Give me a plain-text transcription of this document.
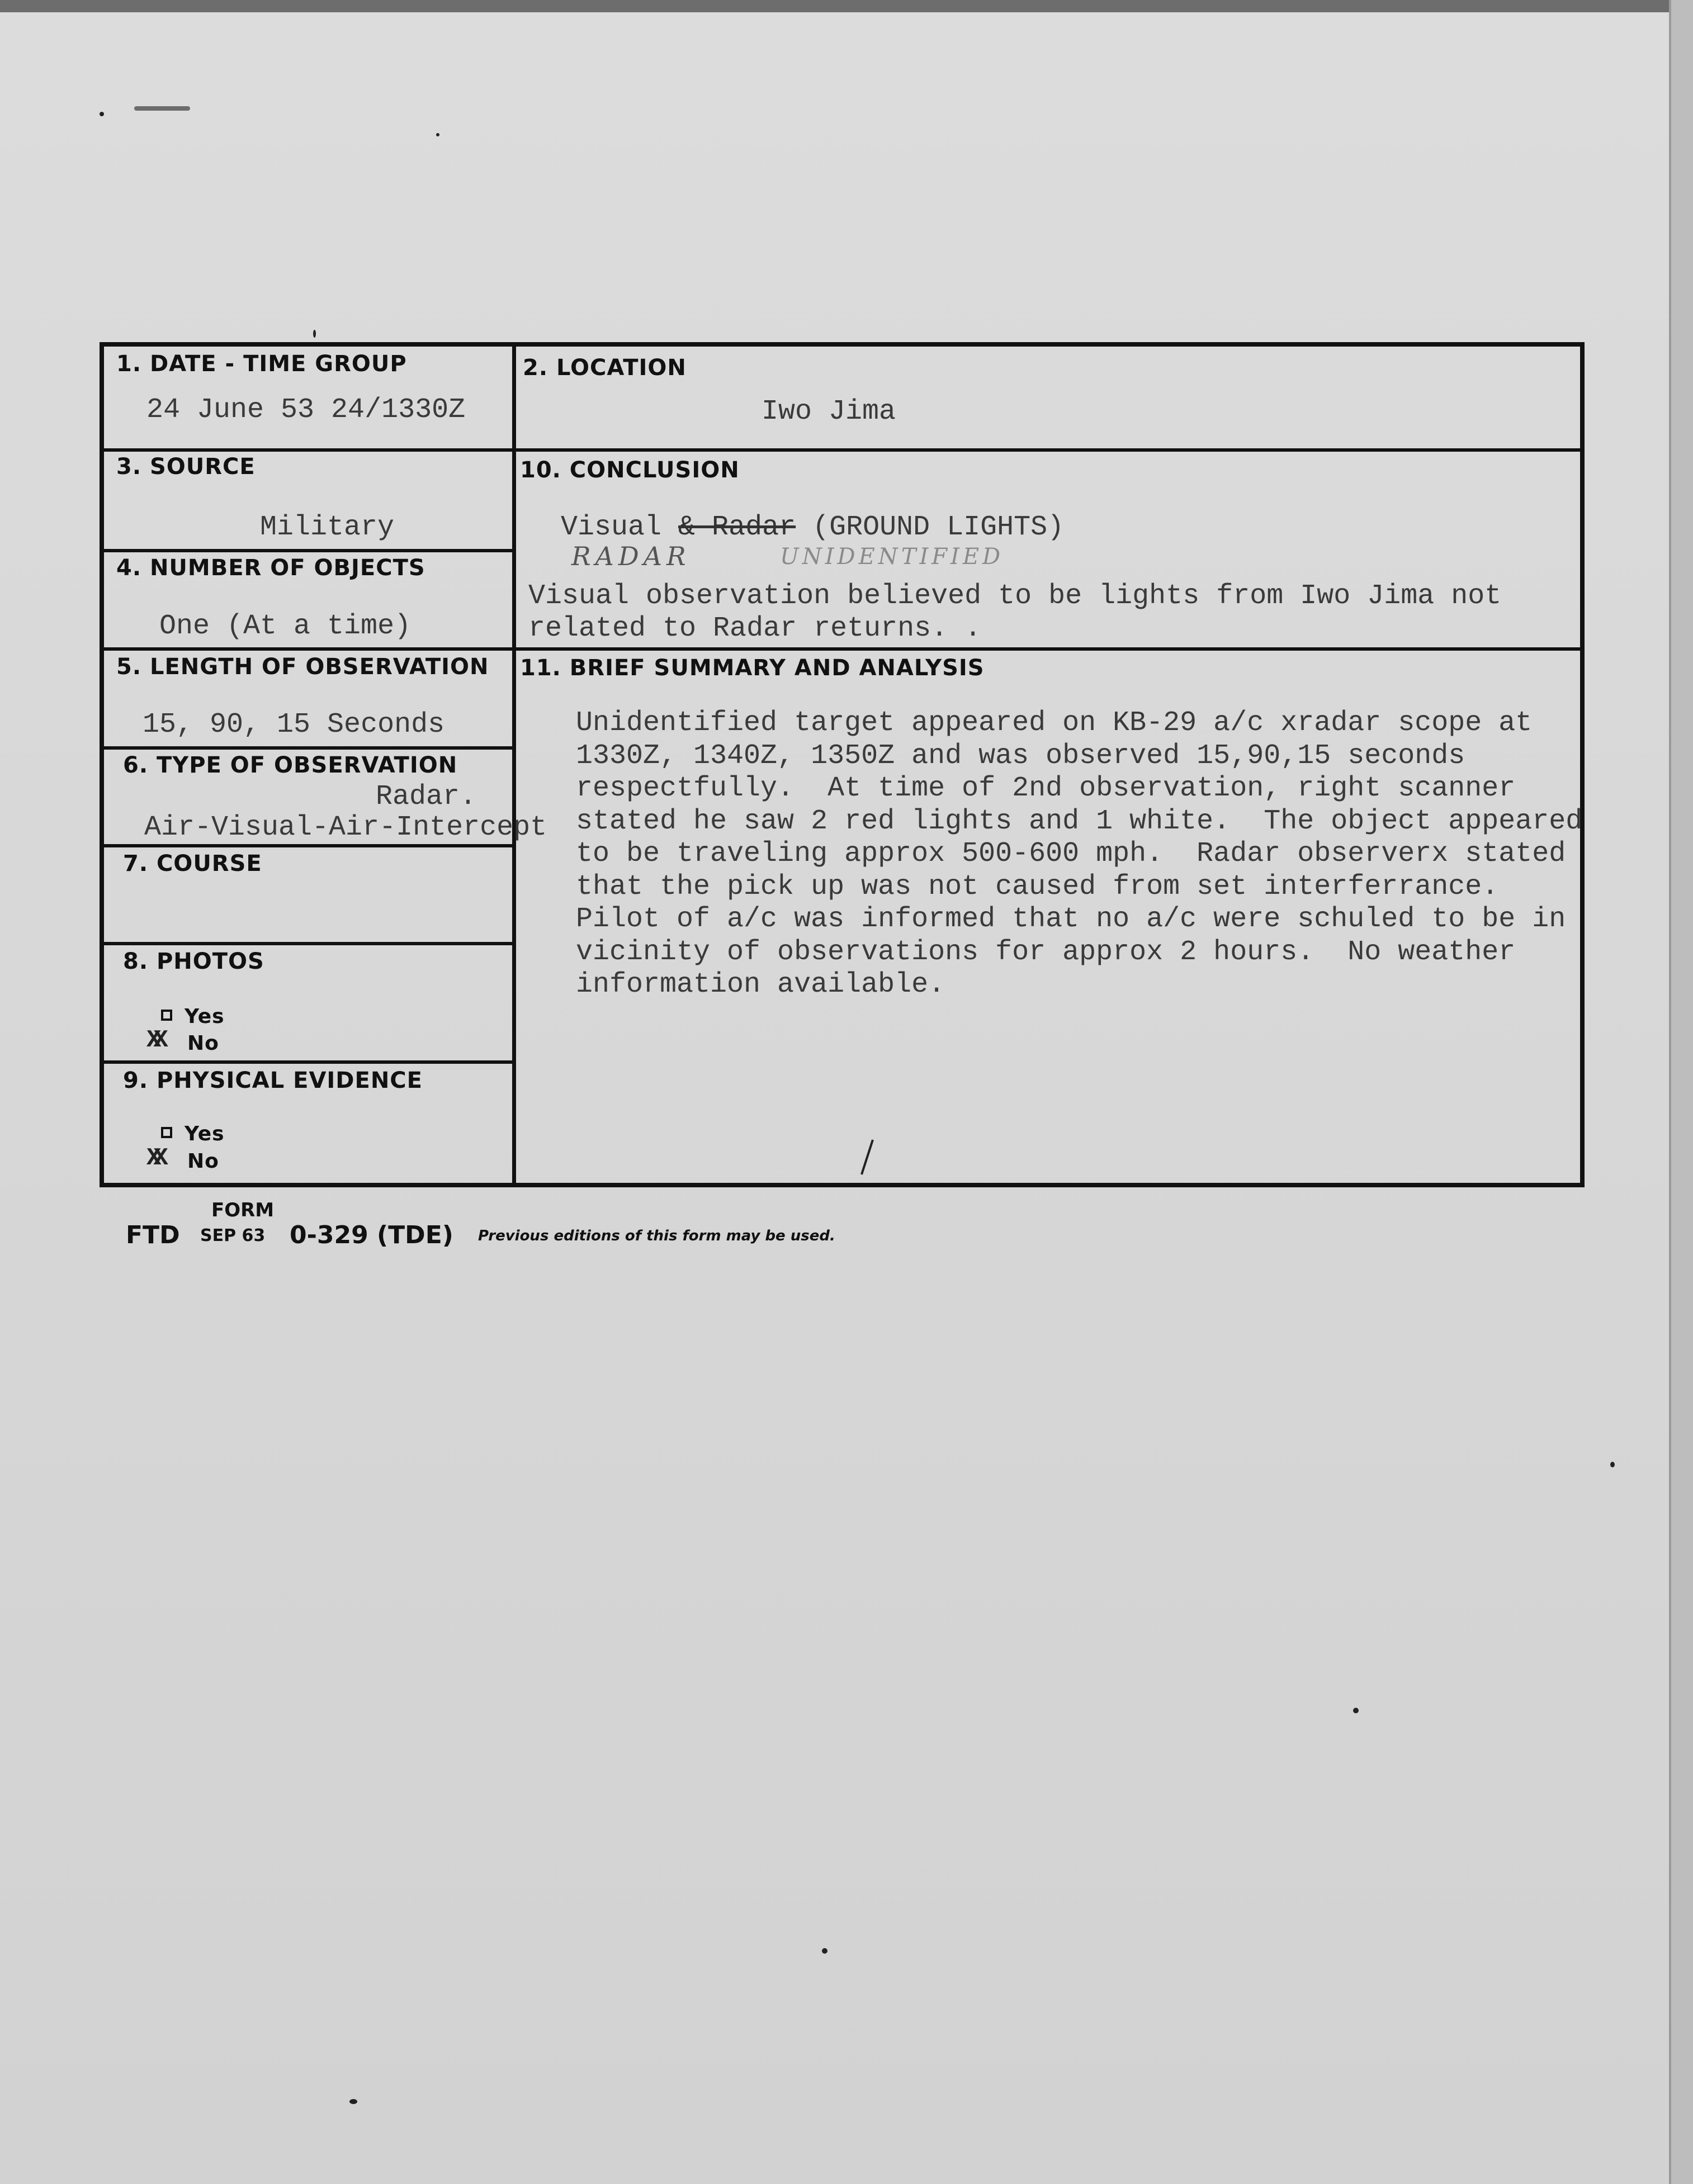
1. DATE - TIME GROUP
24 June 53 24/1330Z
2. LOCATION
Iwo Jima
3. SOURCE
Military
4. NUMBER OF OBJECTS
One (At a time)
5. LENGTH OF OBSERVATION
15, 90, 15 Seconds
6. TYPE OF OBSERVATION
Radar.
Air-Visual-Air-Intercept
7. COURSE
8. PHOTOS
Yes
XX No
9. PHYSICAL EVIDENCE
Yes
XX No
10. CONCLUSION
Visual & Radar (GROUND LIGHTS)
RADAR	UNIDENTIFIED
Visual observation believed to be lights from Iwo Jima not
related to Radar returns. .
11. BRIEF SUMMARY AND ANALYSIS
Unidentified target appeared on KB-29 a/c xradar scope at
1330Z, 1340Z, 1350Z and was observed 15,90,15 seconds
respectfully.  At time of 2nd observation, right scanner
stated he saw 2 red lights and 1 white.  The object appeared
to be traveling approx 500-600 mph.  Radar observerx stated
that the pick up was not caused from set interferrance.
Pilot of a/c was informed that no a/c were schuled to be in
vicinity of observations for approx 2 hours.  No weather
information available.
FORM
FTD SEP 63 0-329 (TDE) Previous editions of this form may be used.
